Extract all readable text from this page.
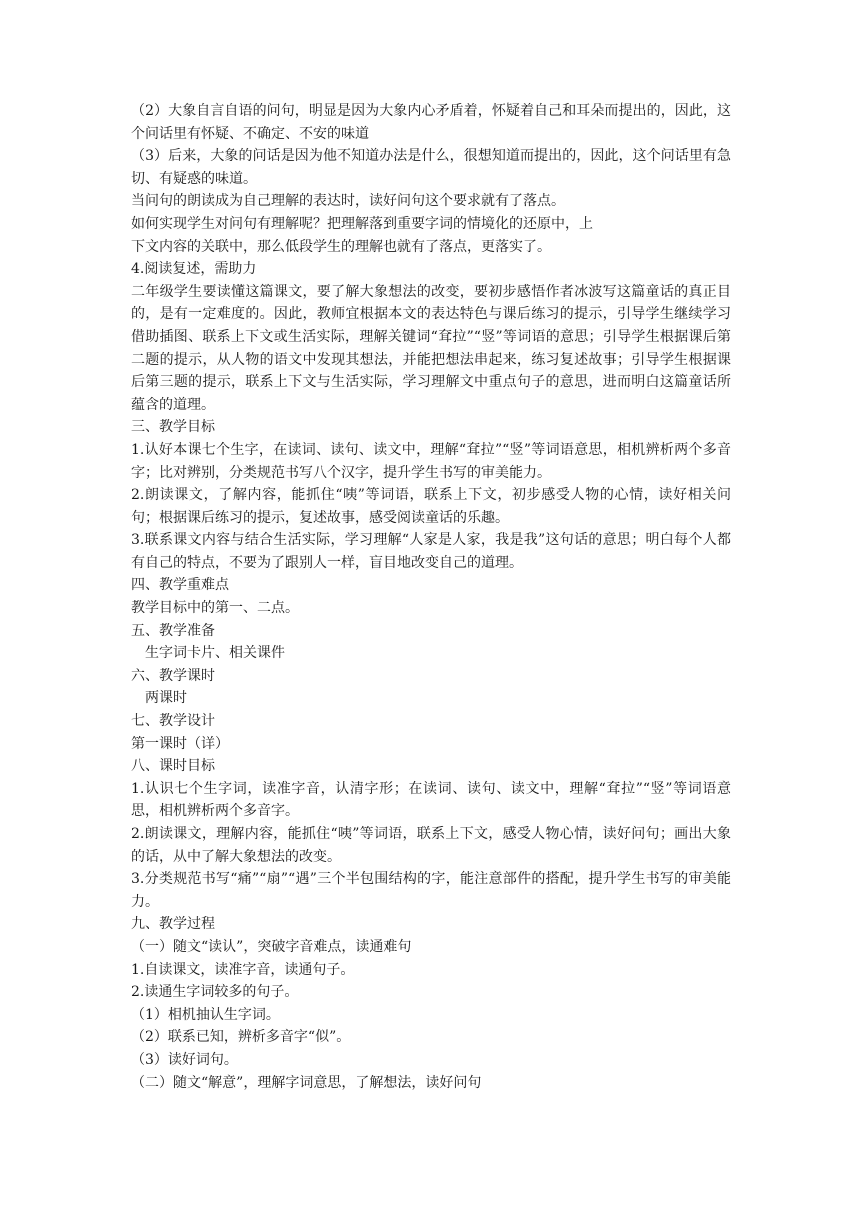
（2）大象自言自语的问句，明显是因为大象内心矛盾着，怀疑着自己和耳朵而提出的，因此，这个问话里有怀疑、不确定、不安的味道

（3）后来，大象的问话是因为他不知道办法是什么，很想知道而提出的，因此，这个问话里有急切、有疑惑的味道。

当问句的朗读成为自己理解的表达时，读好问句这个要求就有了落点。
如何实现学生对问句有理解呢？把理解落到重要字词的情境化的还原中，上
下文内容的关联中，那么低段学生的理解也就有了落点，更落实了。
4.阅读复述，需助力

二年级学生要读懂这篇课文，要了解大象想法的改变，要初步感悟作者冰波写这篇童话的真正目的，是有一定难度的。因此，教师宜根据本文的表达特色与课后练习的提示，引导学生继续学习借助插图、联系上下文或生活实际，理解关键词“耷拉”“竖”等词语的意思；引导学生根据课后第二题的提示，从人物的语文中发现其想法，并能把想法串起来，练习复述故事；引导学生根据课后第三题的提示，联系上下文与生活实际，学习理解文中重点句子的意思，进而明白这篇童话所蕴含的道理。

三、教学目标

1.认好本课七个生字，在读词、读句、读文中，理解“耷拉”“竖”等词语意思，相机辨析两个多音字；比对辨别，分类规范书写八个汉字，提升学生书写的审美能力。

2.朗读课文，了解内容，能抓住“咦”等词语，联系上下文，初步感受人物的心情，读好相关问句；根据课后练习的提示，复述故事，感受阅读童话的乐趣。

3.联系课文内容与结合生活实际，学习理解“人家是人家，我是我”这句话的意思；明白每个人都有自己的特点，不要为了跟别人一样，盲目地改变自己的道理。

四、教学重难点
教学目标中的第一、二点。
五、教学准备
生字词卡片、相关课件
六、教学课时
两课时
七、教学设计
第一课时（详）
八、课时目标

1.认识七个生字词，读准字音，认清字形；在读词、读句、读文中，理解“耷拉”“竖”等词语意思，相机辨析两个多音字。

2.朗读课文，理解内容，能抓住“咦”等词语，联系上下文，感受人物心情，读好问句；画出大象的话，从中了解大象想法的改变。

3.分类规范书写“痛”“扇”“遇”三个半包围结构的字，能注意部件的搭配，提升学生书写的审美能力。

九、教学过程
（一）随文“读认”，突破字音难点，读通难句
1.自读课文，读准字音，读通句子。
2.读通生字词较多的句子。
（1）相机抽认生字词。
（2）联系已知，辨析多音字“似”。
（3）读好词句。
（二）随文“解意”，理解字词意思，了解想法，读好问句
